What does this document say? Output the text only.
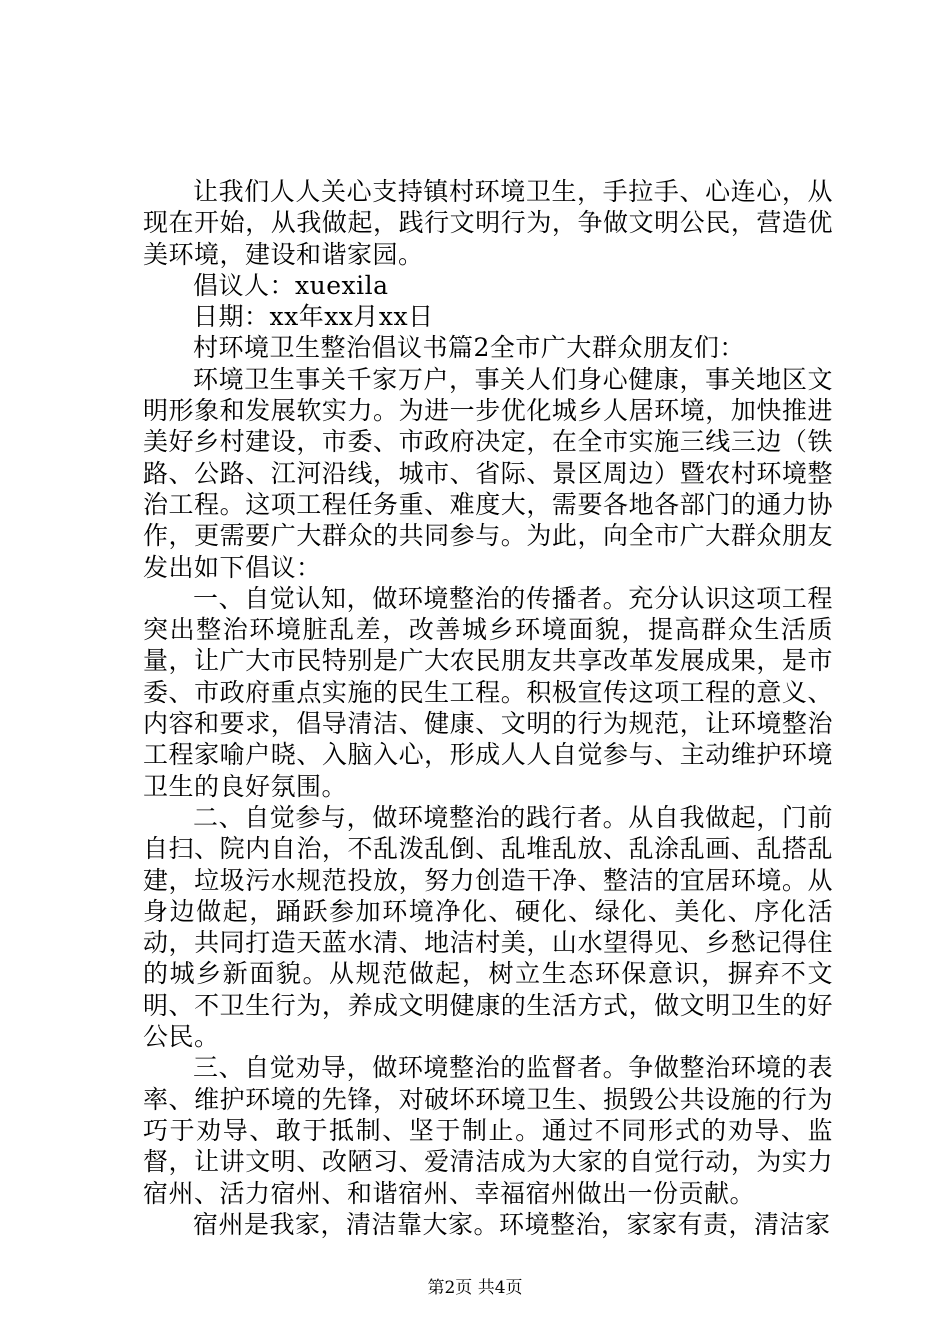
让我们人人关心支持镇村环境卫生，手拉手、心连心，从现在开始，从我做起，践行文明行为，争做文明公民，营造优美环境，建设和谐家园。

倡议人：xuexila

日期：xx年xx月xx日

村环境卫生整治倡议书篇2全市广大群众朋友们：

环境卫生事关千家万户，事关人们身心健康，事关地区文明形象和发展软实力。为进一步优化城乡人居环境，加快推进美好乡村建设，市委、市政府决定，在全市实施三线三边（铁路、公路、江河沿线，城市、省际、景区周边）暨农村环境整治工程。这项工程任务重、难度大，需要各地各部门的通力协作，更需要广大群众的共同参与。为此，向全市广大群众朋友发出如下倡议：

一、自觉认知，做环境整治的传播者。充分认识这项工程突出整治环境脏乱差，改善城乡环境面貌，提高群众生活质量，让广大市民特别是广大农民朋友共享改革发展成果，是市委、市政府重点实施的民生工程。积极宣传这项工程的意义、内容和要求，倡导清洁、健康、文明的行为规范，让环境整治工程家喻户晓、入脑入心，形成人人自觉参与、主动维护环境卫生的良好氛围。

二、自觉参与，做环境整治的践行者。从自我做起，门前自扫、院内自治，不乱泼乱倒、乱堆乱放、乱涂乱画、乱搭乱建，垃圾污水规范投放，努力创造干净、整洁的宜居环境。从身边做起，踊跃参加环境净化、硬化、绿化、美化、序化活动，共同打造天蓝水清、地洁村美，山水望得见、乡愁记得住的城乡新面貌。从规范做起，树立生态环保意识，摒弃不文明、不卫生行为，养成文明健康的生活方式，做文明卫生的好公民。

三、自觉劝导，做环境整治的监督者。争做整治环境的表率、维护环境的先锋，对破坏环境卫生、损毁公共设施的行为巧于劝导、敢于抵制、坚于制止。通过不同形式的劝导、监督，让讲文明、改陋习、爱清洁成为大家的自觉行动，为实力宿州、活力宿州、和谐宿州、幸福宿州做出一份贡献。

宿州是我家，清洁靠大家。环境整治，家家有责，清洁家

第2页 共4页
